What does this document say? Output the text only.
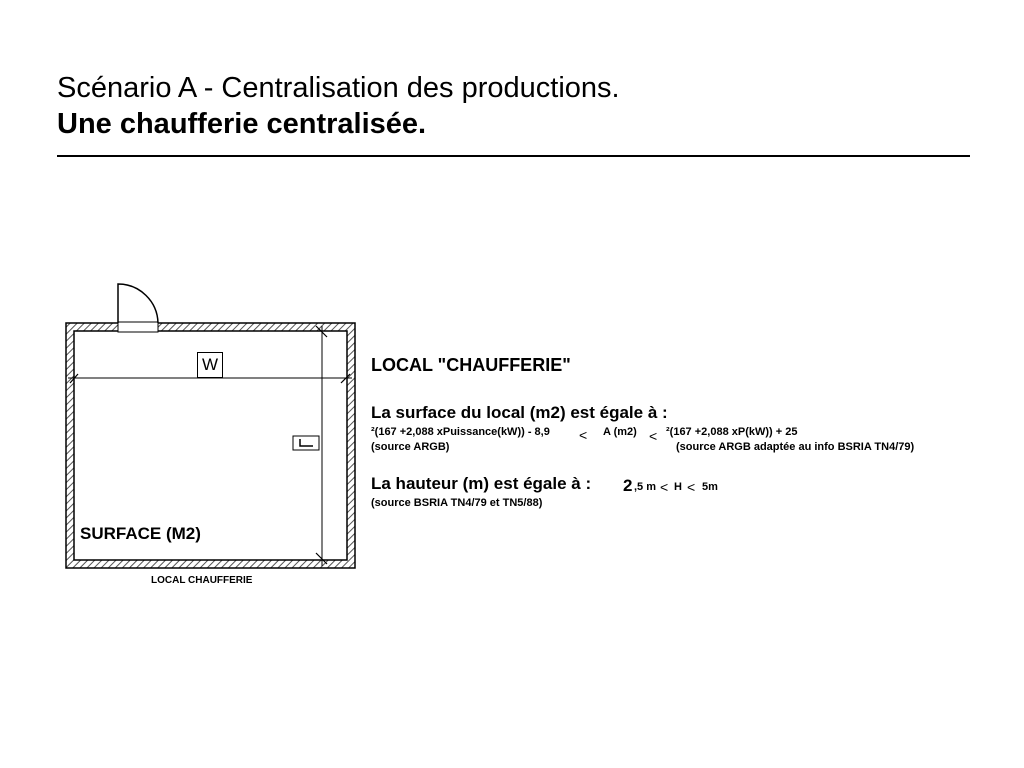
Scénario A - Centralisation des productions.
Une chaufferie centralisée.
W
SURFACE (M2)
LOCAL CHAUFFERIE
LOCAL "CHAUFFERIE"
La surface du local (m2) est égale à :
²(167 +2,088 xPuissance(kW)) - 8,9 < A (m2) < ²(167 +2,088 xP(kW)) + 25
(source ARGB)	(source ARGB adaptée au info BSRIA TN4/79)
La hauteur (m) est égale à : 2 ,5 m < H < 5m
(source BSRIA TN4/79 et TN5/88)
